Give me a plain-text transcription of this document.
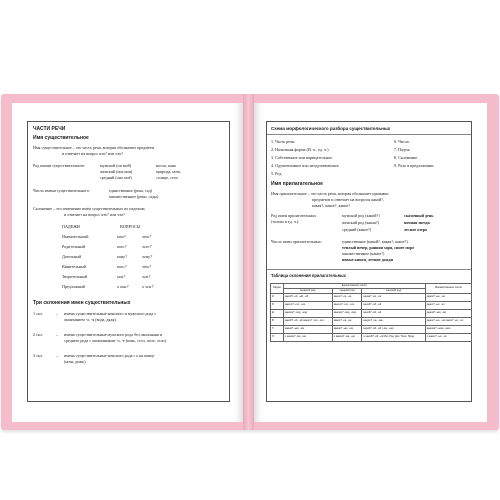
ЧАСТИ РЕЧИ
Имя существительное
Имя существительное – это часть речи, которая обозначает предметы
и отвечает на вопрос кто? или что?
Род имени существительного:	мужской (он мой)	носок, конь
женский (она моя)	природа, ночь
средний (оно моё)	солнце, село
Число имени существительного:	единственное (река, сад)
множественное (реки, сады)
Склонение – это изменение имён существительных по падежам,
и отвечает на вопрос кто? или что?
ПАДЕЖИ	ВОПРОСЫ
Именительный	кто?	что?
Родительный	кого?	чего?
Дательный	кому?	чему?
Винительный	кого?	что?
Творительный	кем?	чем?
Предложный	о ком?	о чем?
Три склонения имен существительных
1 скл.	– имена существительные женского и мужского рода с
окончанием -а, -я (вода, дядя).
2 скл.	– имена существительные мужского рода без окончания и
среднего рода с окончаниями -о, -е (конь, стол, поле, село).
3 скл.	– имена существительные женского рода с ь на конце
(ночь, рожь).
Схема морфологического разбора существительных
1. Часть речи.
2. Начальная форма (И. п., ед. ч.).
3. Собственное или нарицательное.
4. Одушевленное или неодушевленное.
5. Род.
6. Число.
7. Падеж.
8. Склонение.
9. Роль в предложении.
Имя прилагательное
Имя прилагательное – это часть речи, которая обозначает признаки
предметов и отвечает на вопросы какой?,
какая?, какое?, какие?
Род имен прилагательных
(только в ед. ч.):
мужской род (какой?)	сказочный день
женский род (какая?)	ночная звезда
средний (какое?)	лесное озеро
Число имен прилагательных:	единственное (какой?, какая?, какое?)
теплый вечер, ранняя заря, синее море
множественное (какие?)
новые книги, летние дожди
Таблица склонения прилагательных
Падеж	Единственное число			Множественное число
	мужской род	средний род	женский род	
И.	какой? -ой, -ый, -ий	какое? -ое, -ее	какая? -ая, -яя	какие? -ые, -ие
Р.	какого? -ого, -его	какого? -ого, -его	какой? -ой, -ей	каких? -ых, -их
Д.	какому? -ому, -ему	какому? -ому, -ему	какой? -ой, -ей	каким? -ым, -им
В.	какой? -ой, -ий какого? -ого, -его	какое? -ое, -ее	какую? -ую, -юю	какие? -ые, -ие каких? -ых, -их
Т.	каким? -ым, -им	каким? -ым, -им	какой? -ой, -ей (-ою, -ею)	какими? -ыми, -ими
П.	о каком? -ом, -ем	о каком? -ом, -ем	о какой? -ой, -ей Им. Род. Дат. Твор. Пред.	о каких? -ых, -их
